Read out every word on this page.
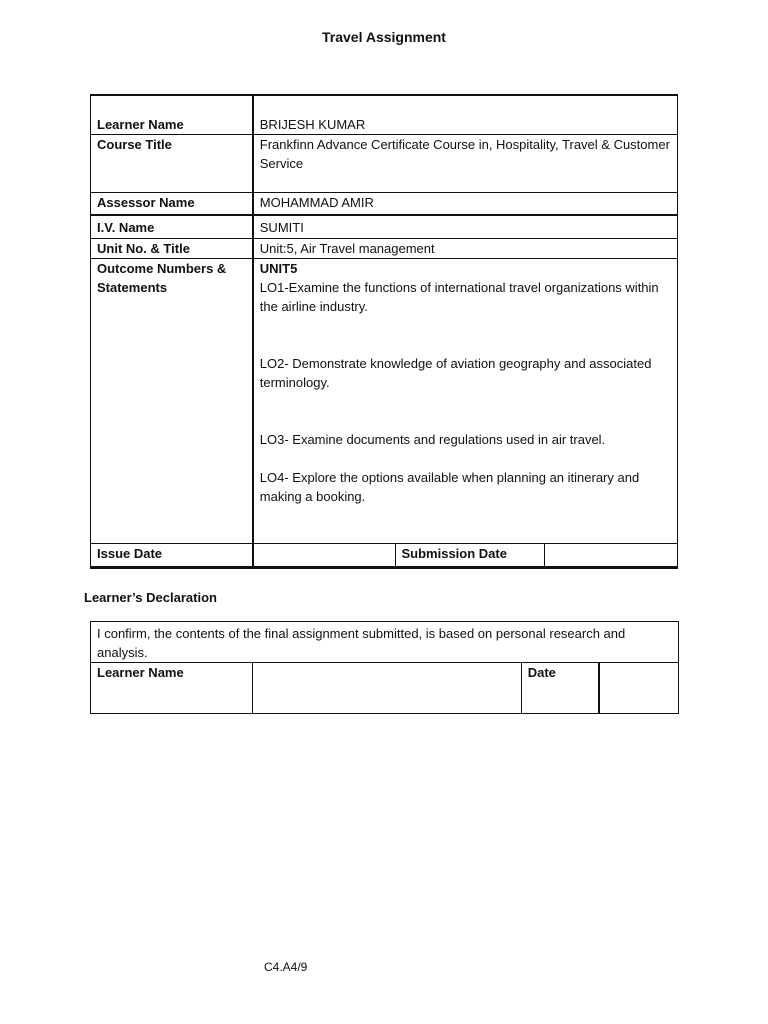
Travel Assignment
Learner Name	BRIJESH KUMAR		
Course Title	Frankfinn Advance Certificate Course in, Hospitality, Travel & Customer Service		
Assessor Name	MOHAMMAD AMIR		
I.V. Name	SUMITI		
Unit No. & Title	Unit:5, Air Travel management		
Outcome Numbers & Statements	UNIT5
LO1-Examine the functions of international travel organizations within the airline industry.
LO2- Demonstrate knowledge of aviation geography and associated terminology.
LO3- Examine documents and regulations used in air travel.
LO4- Explore the options available when planning an itinerary and making a booking.		

Issue Date		Submission Date	
Learner’s Declaration
I confirm, the contents of the final assignment submitted, is based on personal research and analysis.
Learner Name		Date	
C4.A4/9
